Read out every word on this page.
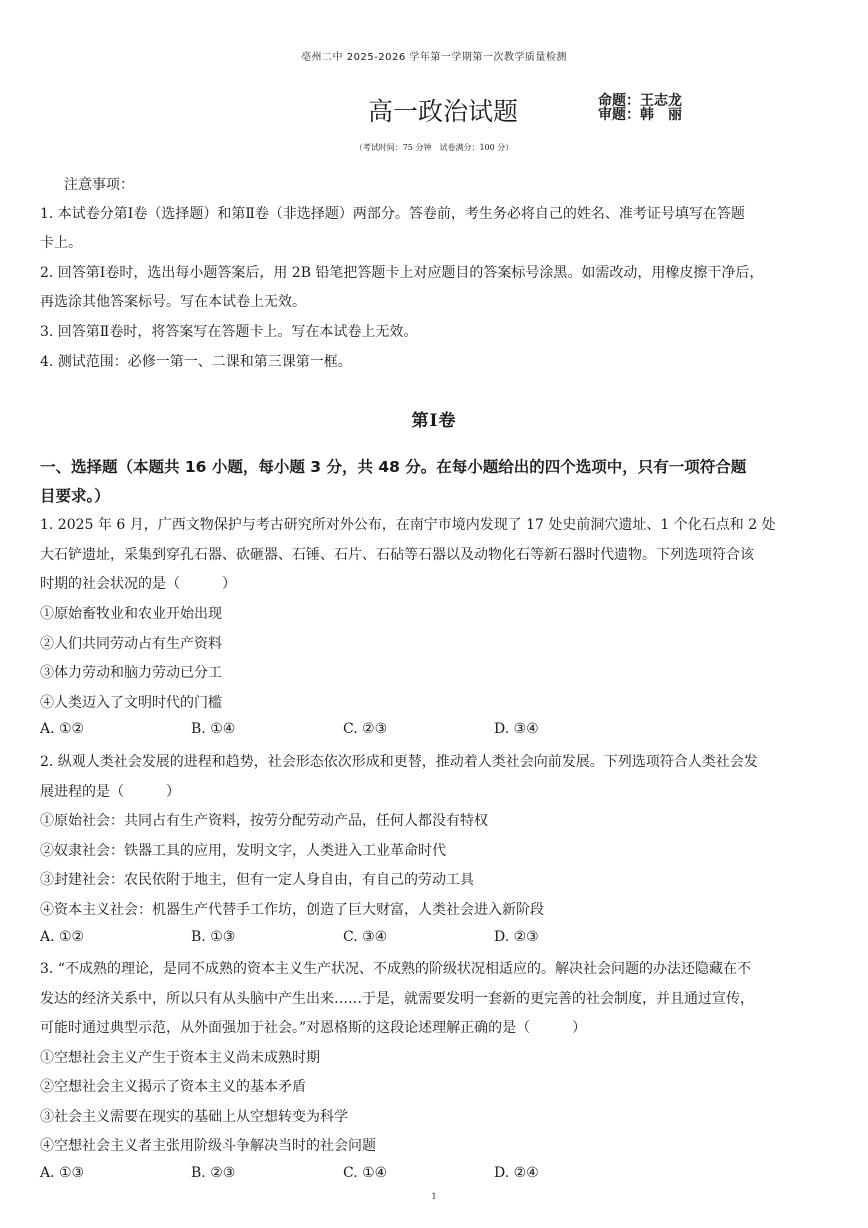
亳州二中 2025-2026 学年第一学期第一次教学质量检测
高一政治试题	命题：王志龙
审题：韩　丽
（考试时间：75 分钟　试卷满分：100 分）
注意事项：
1. 本试卷分第Ⅰ卷（选择题）和第Ⅱ卷（非选择题）两部分。答卷前，考生务必将自己的姓名、准考证号填写在答题
卡上。
2. 回答第Ⅰ卷时，选出每小题答案后，用 2B 铅笔把答题卡上对应题目的答案标号涂黑。如需改动，用橡皮擦干净后，
再选涂其他答案标号。写在本试卷上无效。
3. 回答第Ⅱ卷时，将答案写在答题卡上。写在本试卷上无效。
4. 测试范围：必修一第一、二课和第三课第一框。
第Ⅰ卷
一、选择题（本题共 16 小题，每小题 3 分，共 48 分。在每小题给出的四个选项中，只有一项符合题
目要求。）
1. 2025 年 6 月，广西文物保护与考古研究所对外公布，在南宁市境内发现了 17 处史前洞穴遗址、1 个化石点和 2 处
大石铲遗址，采集到穿孔石器、砍砸器、石锤、石片、石砧等石器以及动物化石等新石器时代遗物。下列选项符合该
时期的社会状况的是（　　　）
①原始畜牧业和农业开始出现
②人们共同劳动占有生产资料
③体力劳动和脑力劳动已分工
④人类迈入了文明时代的门槛
A. ①②	B. ①④	C. ②③	D. ③④
2. 纵观人类社会发展的进程和趋势，社会形态依次形成和更替，推动着人类社会向前发展。下列选项符合人类社会发
展进程的是（　　　）
①原始社会：共同占有生产资料，按劳分配劳动产品，任何人都没有特权
②奴隶社会：铁器工具的应用，发明文字，人类进入工业革命时代
③封建社会：农民依附于地主，但有一定人身自由，有自己的劳动工具
④资本主义社会：机器生产代替手工作坊，创造了巨大财富，人类社会进入新阶段
A. ①②	B. ①③	C. ③④	D. ②③
3. “不成熟的理论，是同不成熟的资本主义生产状况、不成熟的阶级状况相适应的。解决社会问题的办法还隐藏在不
发达的经济关系中，所以只有从头脑中产生出来……于是，就需要发明一套新的更完善的社会制度，并且通过宣传，
可能时通过典型示范，从外面强加于社会。”对恩格斯的这段论述理解正确的是（　　　）
①空想社会主义产生于资本主义尚未成熟时期
②空想社会主义揭示了资本主义的基本矛盾
③社会主义需要在现实的基础上从空想转变为科学
④空想社会主义者主张用阶级斗争解决当时的社会问题
A. ①③	B. ②③	C. ①④	D. ②④
1
